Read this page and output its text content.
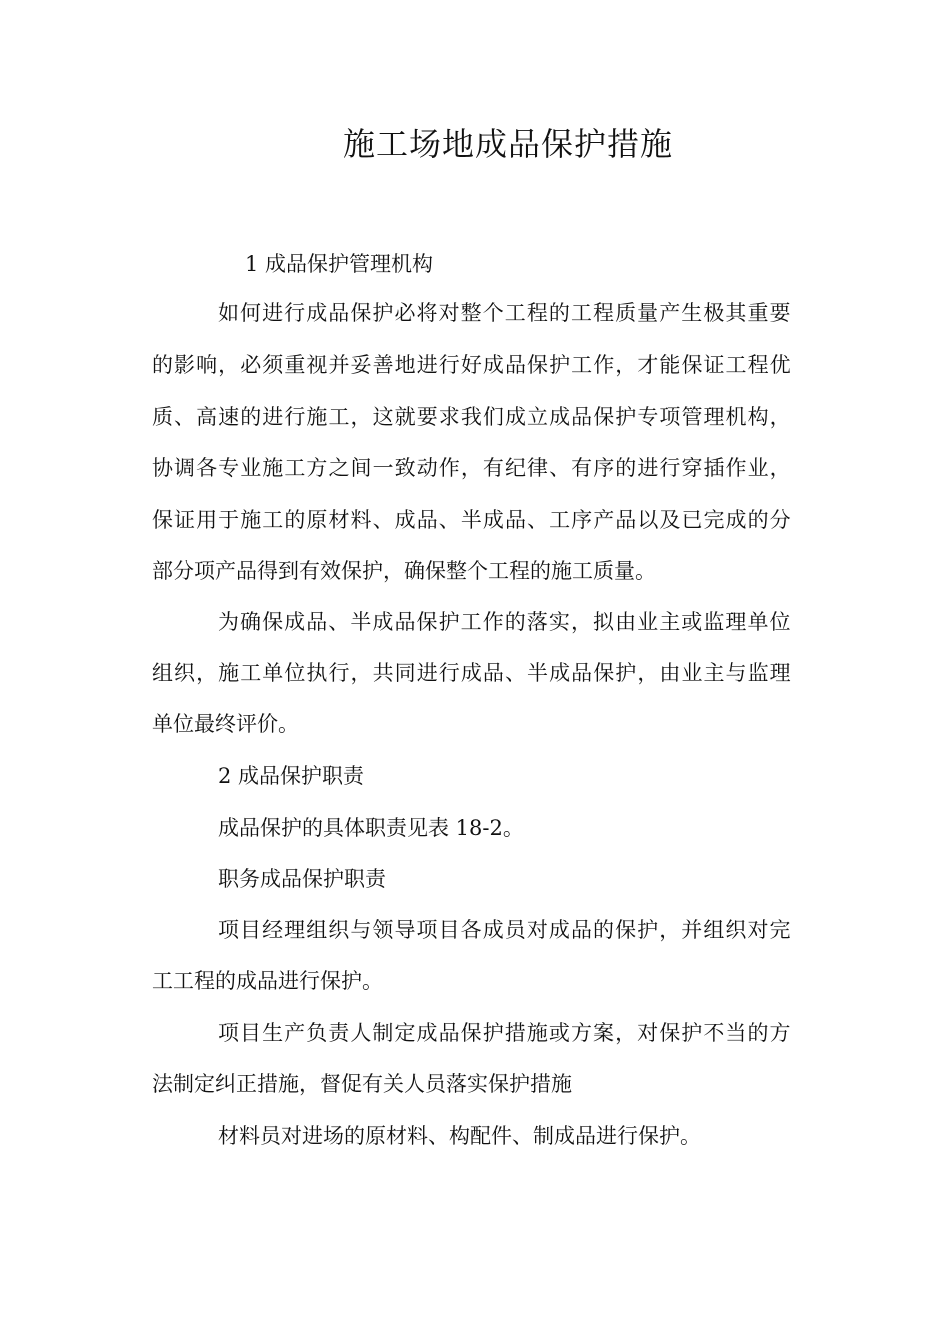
施工场地成品保护措施
1 成品保护管理机构
如何进行成品保护必将对整个工程的工程质量产生极其重要
的影响，必须重视并妥善地进行好成品保护工作，才能保证工程优
质、高速的进行施工，这就要求我们成立成品保护专项管理机构，
协调各专业施工方之间一致动作，有纪律、有序的进行穿插作业，
保证用于施工的原材料、成品、半成品、工序产品以及已完成的分
部分项产品得到有效保护，确保整个工程的施工质量。
为确保成品、半成品保护工作的落实，拟由业主或监理单位
组织，施工单位执行，共同进行成品、半成品保护，由业主与监理
单位最终评价。
2 成品保护职责
成品保护的具体职责见表 18-2。
职务成品保护职责
项目经理组织与领导项目各成员对成品的保护，并组织对完
工工程的成品进行保护。
项目生产负责人制定成品保护措施或方案，对保护不当的方
法制定纠正措施，督促有关人员落实保护措施
材料员对进场的原材料、构配件、制成品进行保护。
